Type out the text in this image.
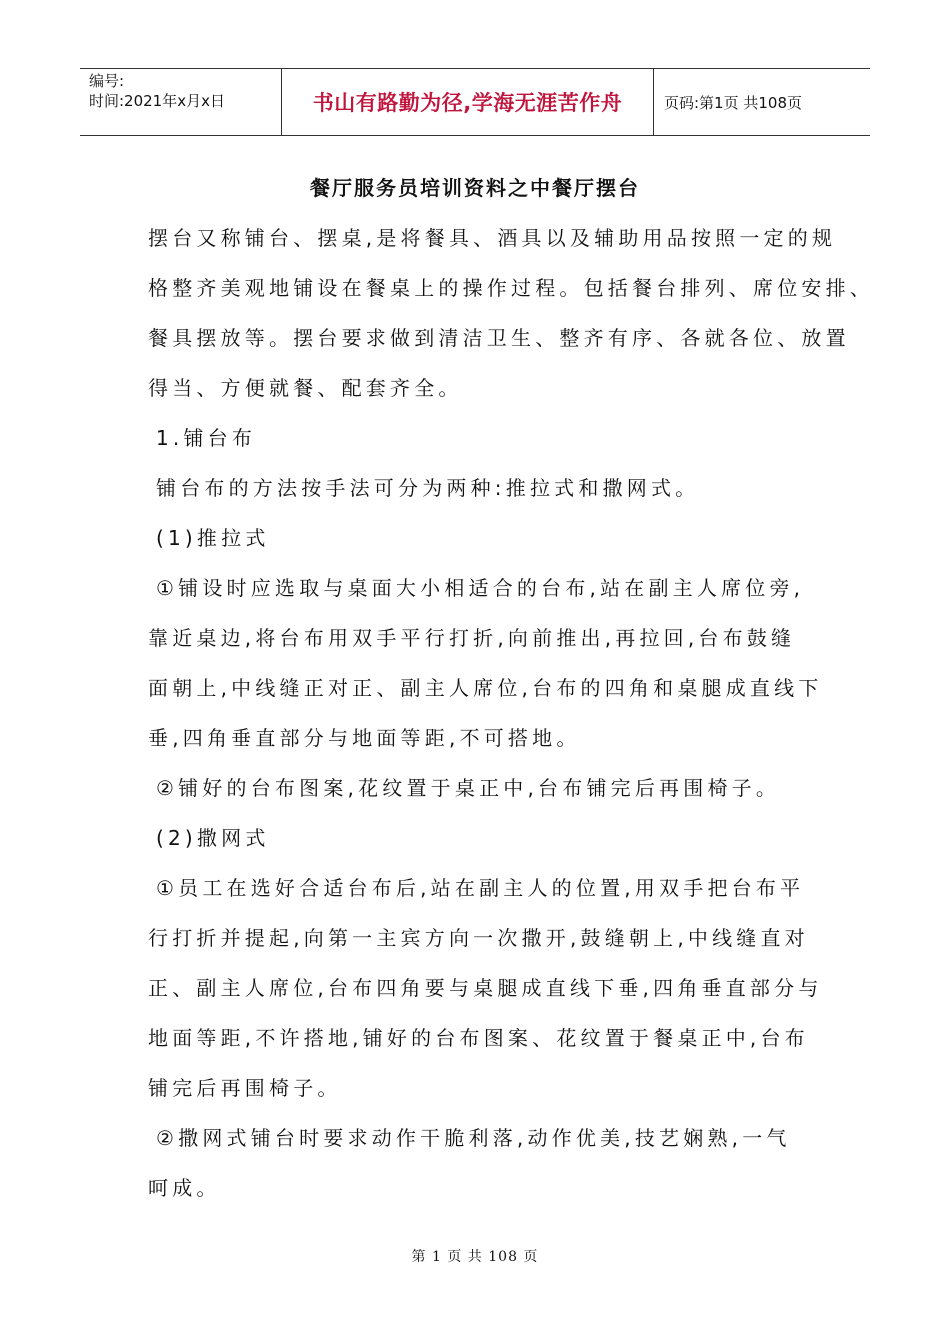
编号:
时间:2021年x月x日	书山有路勤为径,学海无涯苦作舟	页码:第1页 共108页
餐厅服务员培训资料之中餐厅摆台

摆台又称铺台、摆桌,是将餐具、酒具以及辅助用品按照一定的规

格整齐美观地铺设在餐桌上的操作过程。包括餐台排列、席位安排、

餐具摆放等。摆台要求做到清洁卫生、整齐有序、各就各位、放置

得当、方便就餐、配套齐全。

1.铺台布

铺台布的方法按手法可分为两种:推拉式和撒网式。

(1)推拉式

①铺设时应选取与桌面大小相适合的台布,站在副主人席位旁,

靠近桌边,将台布用双手平行打折,向前推出,再拉回,台布鼓缝

面朝上,中线缝正对正、副主人席位,台布的四角和桌腿成直线下

垂,四角垂直部分与地面等距,不可搭地。

②铺好的台布图案,花纹置于桌正中,台布铺完后再围椅子。

(2)撒网式

①员工在选好合适台布后,站在副主人的位置,用双手把台布平

行打折并提起,向第一主宾方向一次撒开,鼓缝朝上,中线缝直对

正、副主人席位,台布四角要与桌腿成直线下垂,四角垂直部分与

地面等距,不许搭地,铺好的台布图案、花纹置于餐桌正中,台布

铺完后再围椅子。

②撒网式铺台时要求动作干脆利落,动作优美,技艺娴熟,一气

呵成。

第 1 页 共 108 页
